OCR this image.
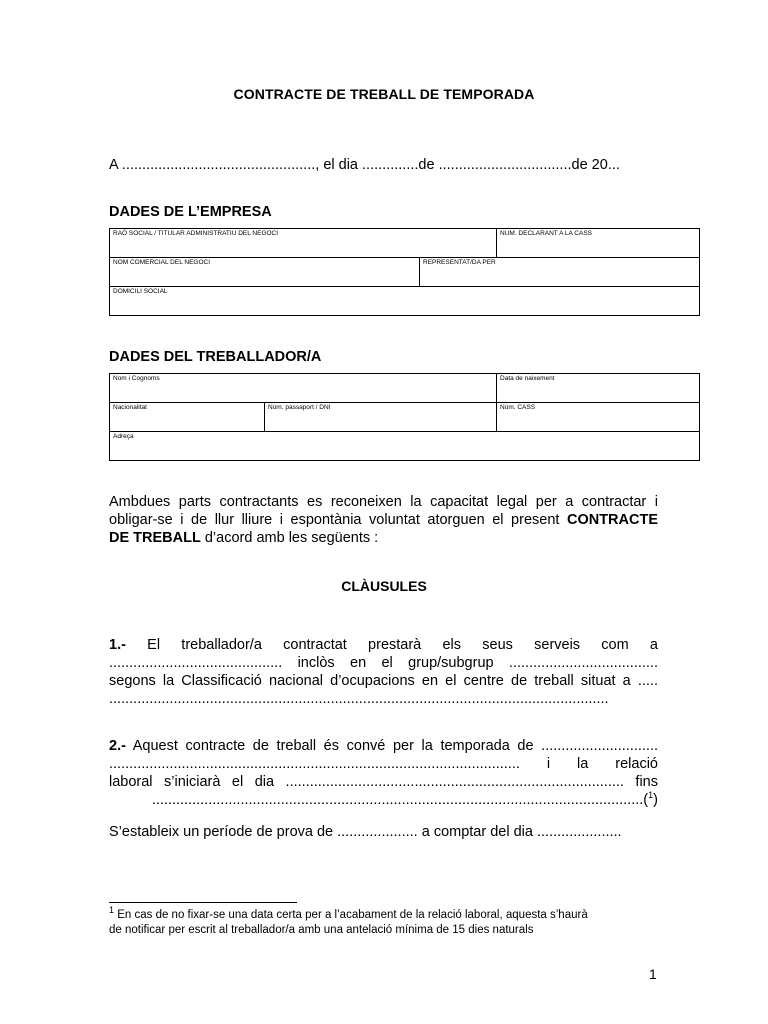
CONTRACTE DE TREBALL DE TEMPORADA
A ................................................, el dia ..............de .................................de 20...
DADES DE L’EMPRESA
RAÓ SOCIAL / TITULAR ADMINISTRATIU DEL NEGOCI		NUM. DECLARANT A LA CASS
NOM COMERCIAL DEL NEGOCI	REPRESENTAT/DA PER	
DOMICILI SOCIAL		
DADES DEL TREBALLADOR/A
Nom i Cognoms		Data de naixement
Nacionalitat	Núm. passaport / DNI	Núm. CASS
Adreça		
Ambdues parts contractants es reconeixen la capacitat legal per a contractar i
obligar-se i de llur lliure i espontània voluntat atorguen el present CONTRACTE
DE TREBALL d’acord amb les següents :
CLÀUSULES
1.- El treballador/a contractat prestarà els seus serveis com a
........................................... inclòs en el grup/subgrup .....................................
segons la Classificació nacional d’ocupacions en el centre de treball situat a .....
............................................................................................................................
2.- Aquest contracte de treball és convé per la temporada de .............................
...................................................................................................... i la relació
laboral s’iniciarà el dia .................................................................................... fins
..........................................................................................................................($^1$)
S’estableix un període de prova de .................... a comptar del dia .....................
$^1$ En cas de no fixar-se una data certa per a l’acabament de la relació laboral, aquesta s’haurà
de notificar per escrit al treballador/a amb una antelació mínima de 15 dies naturals
1
